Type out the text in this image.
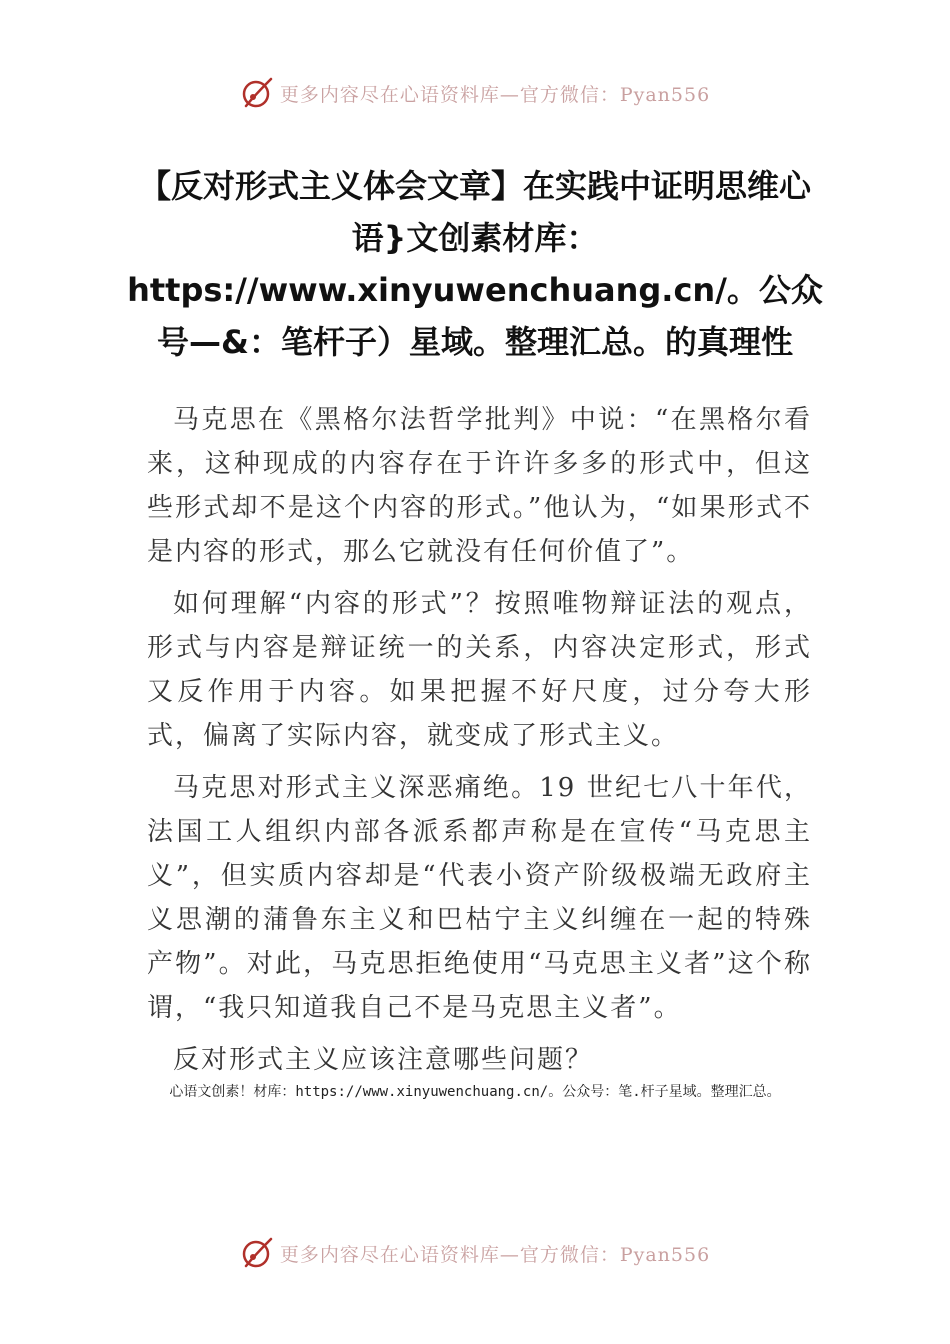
更多内容尽在心语资料库—官方微信：Pyan556
【反对形式主义体会文章】在实践中证明思维心语}文创素材库：https://www.xinyuwenchuang.cn/。公众号—&：笔杆子）星域。整理汇总。的真理性

马克思在《黑格尔法哲学批判》中说：“在黑格尔看来，这种现成的内容存在于许许多多的形式中，但这些形式却不是这个内容的形式。”他认为，“如果形式不是内容的形式，那么它就没有任何价值了”。

如何理解“内容的形式”？按照唯物辩证法的观点，形式与内容是辩证统一的关系，内容决定形式，形式又反作用于内容。如果把握不好尺度，过分夸大形式，偏离了实际内容，就变成了形式主义。

马克思对形式主义深恶痛绝。19 世纪七八十年代，法国工人组织内部各派系都声称是在宣传“马克思主义”，但实质内容却是“代表小资产阶级极端无政府主义思潮的蒲鲁东主义和巴枯宁主义纠缠在一起的特殊产物”。对此，马克思拒绝使用“马克思主义者”这个称谓，“我只知道我自己不是马克思主义者”。

反对形式主义应该注意哪些问题？

心语文创素！材库：https://www.xinyuwenchuang.cn/。公众号：笔.杆子星域。整理汇总。
更多内容尽在心语资料库—官方微信：Pyan556
